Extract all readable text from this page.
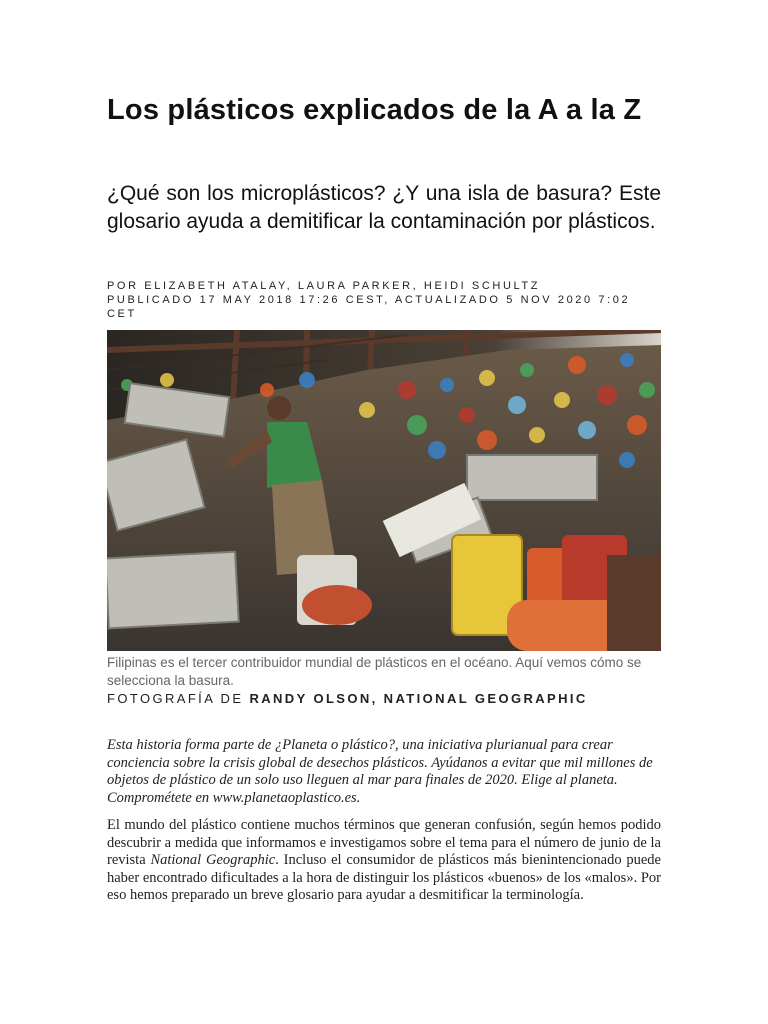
Los plásticos explicados de la A a la Z

¿Qué son los microplásticos? ¿Y una isla de basura? Este glosario ayuda a demitificar la contaminación por plásticos.

POR ELIZABETH ATALAY, LAURA PARKER, HEIDI SCHULTZ
PUBLICADO 17 MAY 2018 17:26 CEST, ACTUALIZADO 5 NOV 2020 7:02 CET
Filipinas es el tercer contribuidor mundial de plásticos en el océano. Aquí vemos cómo se selecciona la basura.
FOTOGRAFÍA DE RANDY OLSON, NATIONAL GEOGRAPHIC

Esta historia forma parte de ¿Planeta o plástico?, una iniciativa plurianual para crear conciencia sobre la crisis global de desechos plásticos. Ayúdanos a evitar que mil millones de objetos de plástico de un solo uso lleguen al mar para finales de 2020. Elige al planeta. Comprométete en www.planetaoplastico.es.

El mundo del plástico contiene muchos términos que generan confusión, según hemos podido descubrir a medida que informamos e investigamos sobre el tema para el número de junio de la revista National Geographic. Incluso el consumidor de plásticos más bienintencionado puede haber encontrado dificultades a la hora de distinguir los plásticos «buenos» de los «malos». Por eso hemos preparado un breve glosario para ayudar a desmitificar la terminología.
